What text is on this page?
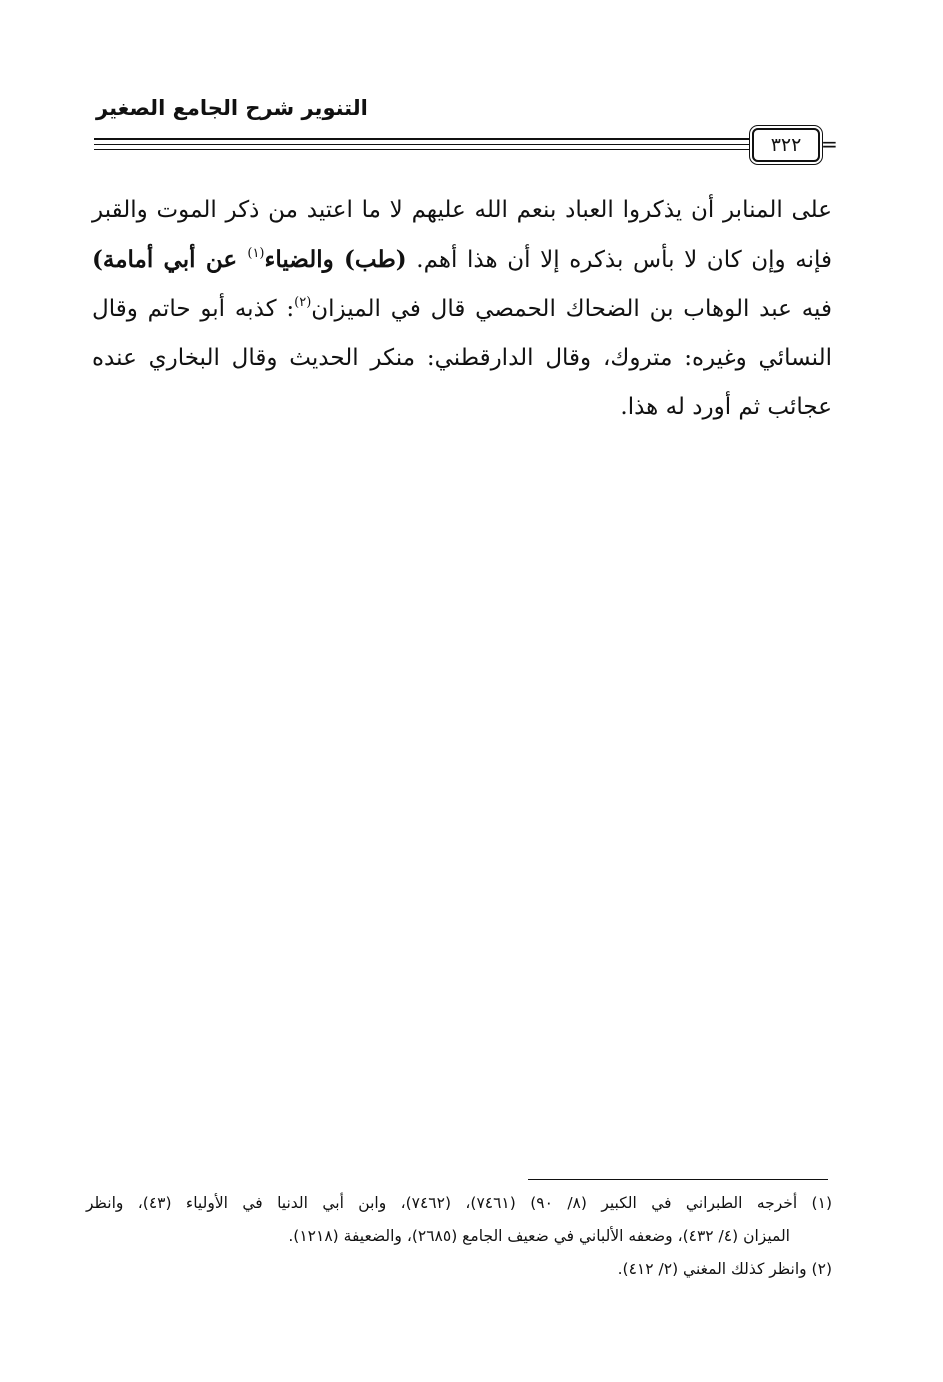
التنوير شرح الجامع الصغير
٣٢٢ =
على المنابر أن يذكروا العباد بنعم الله عليهم لا ما اعتيد من ذكر الموت والقبر
فإنه وإن كان لا بأس بذكره إلا أن هذا أهم. (طب) والضياء$^{(١)}$ عن أبي أمامة)
فيه عبد الوهاب بن الضحاك الحمصي قال في الميزان$^{(٢)}$: كذبه أبو حاتم وقال
النسائي وغيره: متروك، وقال الدارقطني: منكر الحديث وقال البخاري عنده
عجائب ثم أورد له هذا.
(١) أخرجه الطبراني في الكبير (٨/ ٩٠) (٧٤٦١)، (٧٤٦٢)، وابن أبي الدنيا في الأولياء (٤٣)، وانظر
الميزان (٤/ ٤٣٢)، وضعفه الألباني في ضعيف الجامع (٢٦٨٥)، والضعيفة (١٢١٨).
(٢) وانظر كذلك المغني (٢/ ٤١٢).
